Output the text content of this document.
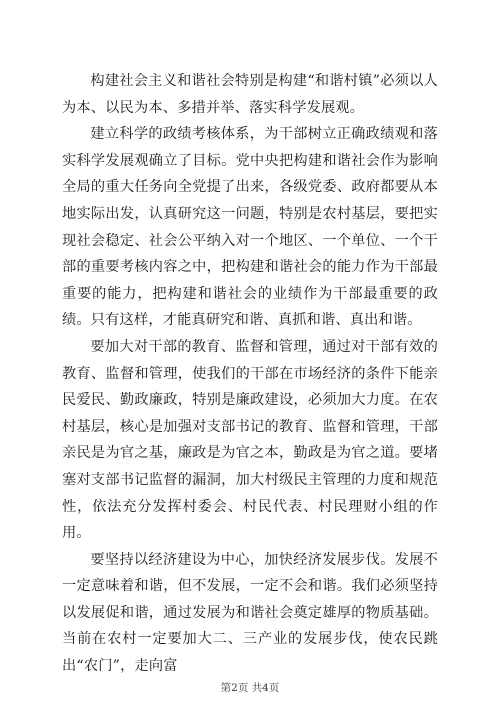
构建社会主义和谐社会特别是构建“和谐村镇”必须以人为本、以民为本、多措并举、落实科学发展观。

建立科学的政绩考核体系，为干部树立正确政绩观和落实科学发展观确立了目标。党中央把构建和谐社会作为影响全局的重大任务向全党提了出来，各级党委、政府都要从本地实际出发，认真研究这一问题，特别是农村基层，要把实现社会稳定、社会公平纳入对一个地区、一个单位、一个干部的重要考核内容之中，把构建和谐社会的能力作为干部最重要的能力，把构建和谐社会的业绩作为干部最重要的政绩。只有这样，才能真研究和谐、真抓和谐、真出和谐。

要加大对干部的教育、监督和管理，通过对干部有效的教育、监督和管理，使我们的干部在市场经济的条件下能亲民爱民、勤政廉政，特别是廉政建设，必须加大力度。在农村基层，核心是加强对支部书记的教育、监督和管理，干部亲民是为官之基，廉政是为官之本，勤政是为官之道。要堵塞对支部书记监督的漏洞，加大村级民主管理的力度和规范性，依法充分发挥村委会、村民代表、村民理财小组的作用。

要坚持以经济建设为中心，加快经济发展步伐。发展不一定意味着和谐，但不发展，一定不会和谐。我们必须坚持以发展促和谐，通过发展为和谐社会奠定雄厚的物质基础。当前在农村一定要加大二、三产业的发展步伐，使农民跳出“农门”，走向富

第2页 共4页
